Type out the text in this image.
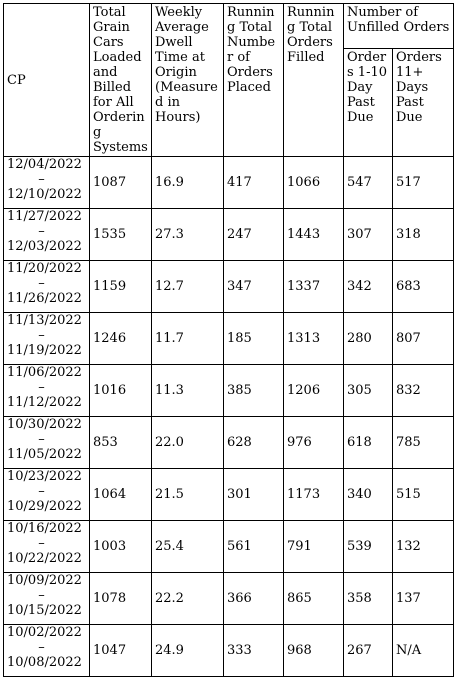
CP	Total Grain Cars Loaded and Billed for All Ordering Systems	Weekly Average Dwell Time at Origin (Measured in Hours)	Running Total Number of Orders Placed	Running Total Orders Filled	Number of Unfilled Orders	
					Orders 1-10 Day Past Due	Orders 11+ Days Past Due

12/04/2022
–
12/10/2022	1087	16.9	417	1066	547	517

11/27/2022
–
12/03/2022	1535	27.3	247	1443	307	318

11/20/2022
–
11/26/2022	1159	12.7	347	1337	342	683

11/13/2022
–
11/19/2022	1246	11.7	185	1313	280	807

11/06/2022
–
11/12/2022	1016	11.3	385	1206	305	832

10/30/2022
–
11/05/2022	853	22.0	628	976	618	785

10/23/2022
–
10/29/2022	1064	21.5	301	1173	340	515

10/16/2022
–
10/22/2022	1003	25.4	561	791	539	132

10/09/2022
–
10/15/2022	1078	22.2	366	865	358	137

10/02/2022
–
10/08/2022	1047	24.9	333	968	267	N/A
